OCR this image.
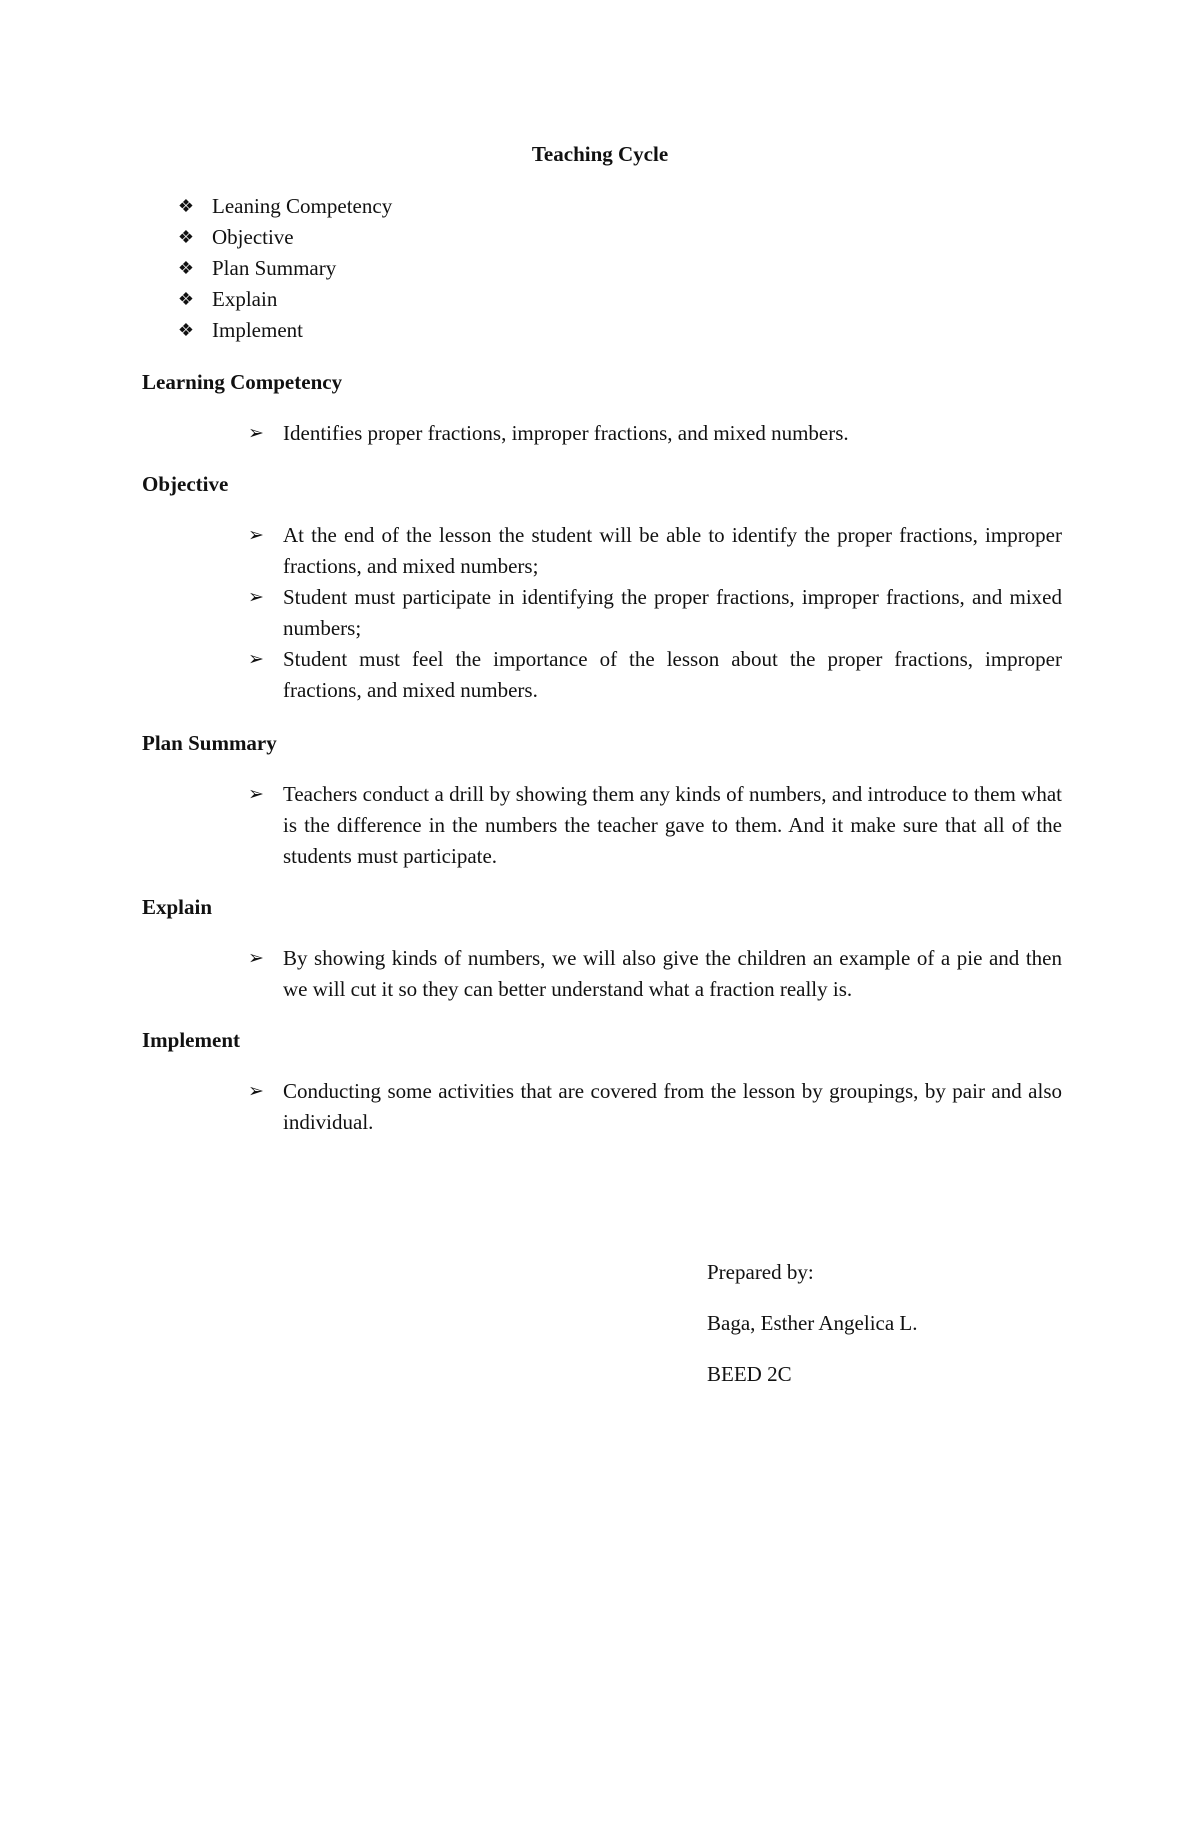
Teaching Cycle
❖ Leaning Competency
❖ Objective
❖ Plan Summary
❖ Explain
❖ Implement
Learning Competency
➢ Identifies proper fractions, improper fractions, and mixed numbers.
Objective
➢ At the end of the lesson the student will be able to identify the proper fractions, improper fractions, and mixed numbers;
➢ Student must participate in identifying the proper fractions, improper fractions, and mixed numbers;
➢ Student must feel the importance of the lesson about the proper fractions, improper fractions, and mixed numbers.
Plan Summary
➢ Teachers conduct a drill by showing them any kinds of numbers, and introduce to them what is the difference in the numbers the teacher gave to them. And it make sure that all of the students must participate.
Explain
➢ By showing kinds of numbers, we will also give the children an example of a pie and then we will cut it so they can better understand what a fraction really is.
Implement
➢ Conducting some activities that are covered from the lesson by groupings, by pair and also individual.
Prepared by:
Baga, Esther Angelica L.
BEED 2C
